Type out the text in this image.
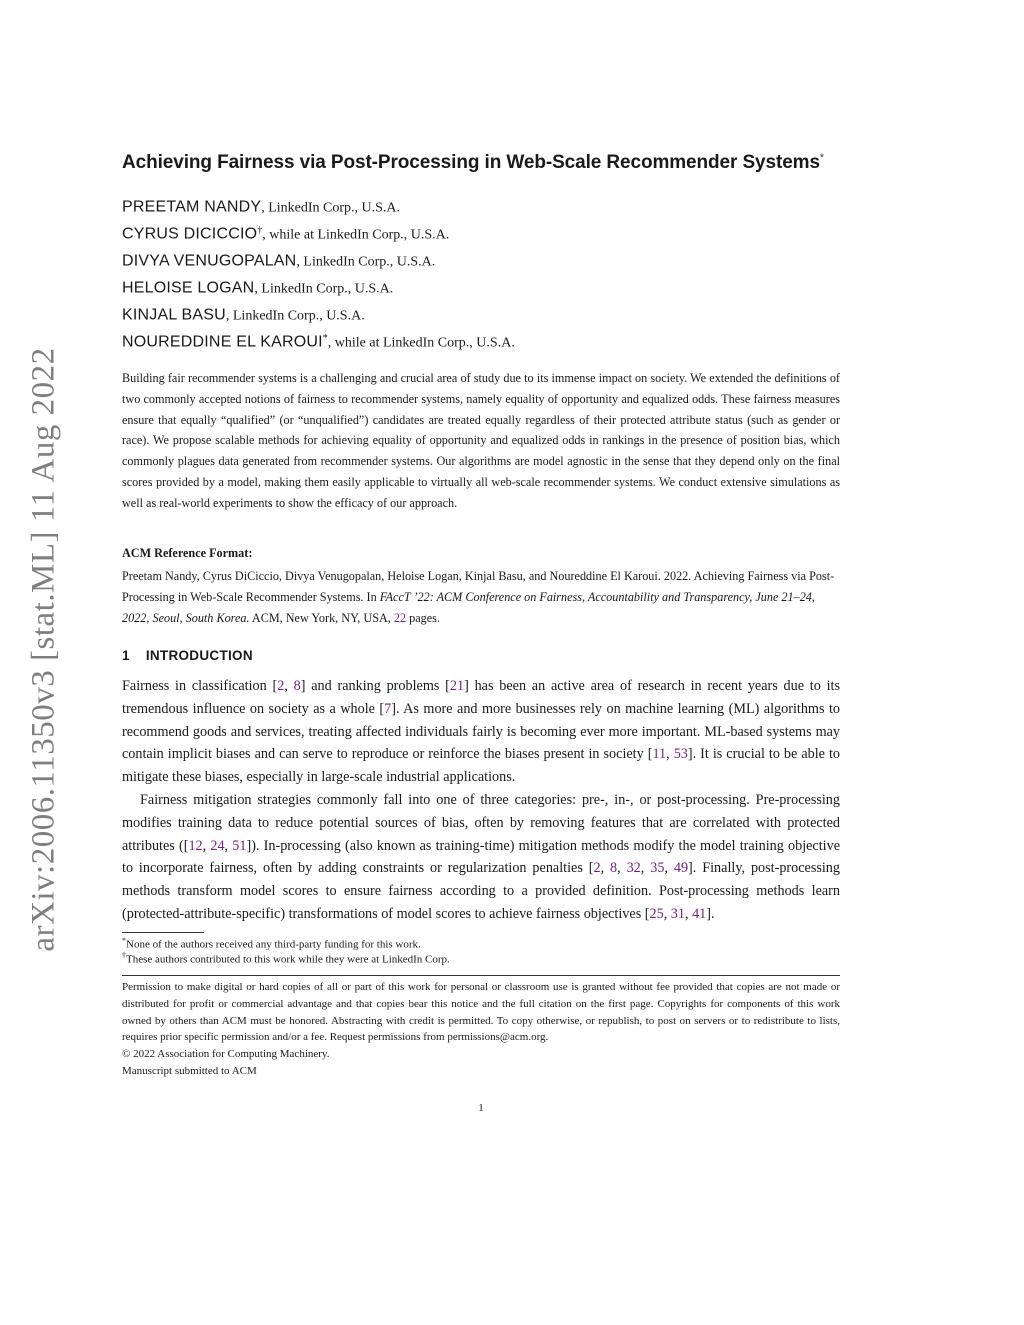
arXiv:2006.11350v3 [stat.ML] 11 Aug 2022
Achieving Fairness via Post-Processing in Web-Scale Recommender Systems*
PREETAM NANDY, LinkedIn Corp., U.S.A.
CYRUS DICICCIO†, while at LinkedIn Corp., U.S.A.
DIVYA VENUGOPALAN, LinkedIn Corp., U.S.A.
HELOISE LOGAN, LinkedIn Corp., U.S.A.
KINJAL BASU, LinkedIn Corp., U.S.A.
NOUREDDINE EL KAROUI*, while at LinkedIn Corp., U.S.A.

Building fair recommender systems is a challenging and crucial area of study due to its immense impact on society. We extended the definitions of two commonly accepted notions of fairness to recommender systems, namely equality of opportunity and equalized odds. These fairness measures ensure that equally “qualified” (or “unqualified”) candidates are treated equally regardless of their protected attribute status (such as gender or race). We propose scalable methods for achieving equality of opportunity and equalized odds in rankings in the presence of position bias, which commonly plagues data generated from recommender systems. Our algorithms are model agnostic in the sense that they depend only on the final scores provided by a model, making them easily applicable to virtually all web-scale recommender systems. We conduct extensive simulations as well as real-world experiments to show the efficacy of our approach.

ACM Reference Format:

Preetam Nandy, Cyrus DiCiccio, Divya Venugopalan, Heloise Logan, Kinjal Basu, and Noureddine El Karoui. 2022. Achieving Fairness via Post-Processing in Web-Scale Recommender Systems. In FAccT ’22: ACM Conference on Fairness, Accountability and Transparency, June 21–24, 2022, Seoul, South Korea. ACM, New York, NY, USA, 22 pages.

1 INTRODUCTION

Fairness in classification [2, 8] and ranking problems [21] has been an active area of research in recent years due to its tremendous influence on society as a whole [7]. As more and more businesses rely on machine learning (ML) algorithms to recommend goods and services, treating affected individuals fairly is becoming ever more important. ML-based systems may contain implicit biases and can serve to reproduce or reinforce the biases present in society [11, 53]. It is crucial to be able to mitigate these biases, especially in large-scale industrial applications.

Fairness mitigation strategies commonly fall into one of three categories: pre-, in-, or post-processing. Pre-processing modifies training data to reduce potential sources of bias, often by removing features that are correlated with protected attributes ([12, 24, 51]). In-processing (also known as training-time) mitigation methods modify the model training objective to incorporate fairness, often by adding constraints or regularization penalties [2, 8, 32, 35, 49]. Finally, post-processing methods transform model scores to ensure fairness according to a provided definition. Post-processing methods learn (protected-attribute-specific) transformations of model scores to achieve fairness objectives [25, 31, 41].

*None of the authors received any third-party funding for this work.
†These authors contributed to this work while they were at LinkedIn Corp.

Permission to make digital or hard copies of all or part of this work for personal or classroom use is granted without fee provided that copies are not made or distributed for profit or commercial advantage and that copies bear this notice and the full citation on the first page. Copyrights for components of this work owned by others than ACM must be honored. Abstracting with credit is permitted. To copy otherwise, or republish, to post on servers or to redistribute to lists, requires prior specific permission and/or a fee. Request permissions from permissions@acm.org.

© 2022 Association for Computing Machinery.
Manuscript submitted to ACM
1
